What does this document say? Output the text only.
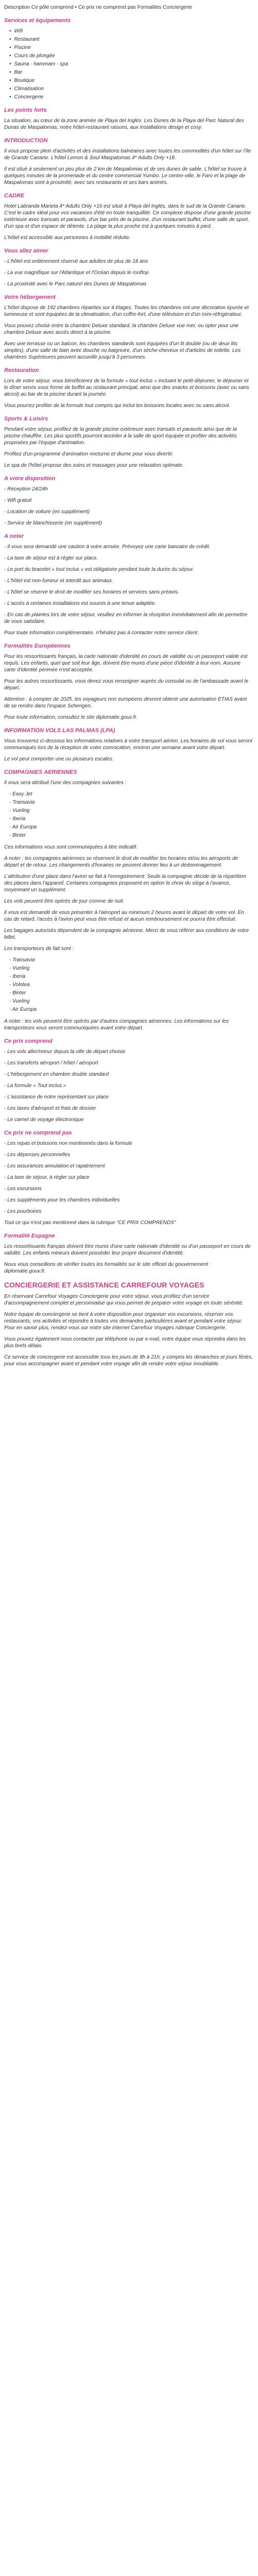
Description Ce pôle comprend • Ce prix ne comprend pas Formalités Conciergerie

Services et équipements
• Wifi
• Restaurant
• Piscine
• Cours de plongée
• Sauna - hammam - spa
• Bar
• Boutique
• Climatisation
• Conciergerie
Les points forts

La situation, au cœur de la zone animée de Playa del Inglés. Les Dunes de la Playa del Parc Natural des Dunas de Maspalomas, notre hôtel-restaurant raisons, aux installations design et cosy.

INTRODUCTION

Il vous propose plein d'activités et des installations balnéaires avec toutes les commodités d'un hôtel sur l'île de Grande Canarie. L'hôtel Lemon & Soul Maspalomas 4* Adults Only +18.

Il est situé à seulement un peu plus de 2 km de Maspalomas et de ses dunes de sable. L'hôtel se trouve à quelques minutes de la promenade et du centre commercial Yumbo. Le centre-ville, le Faro et la plage de Maspalomas sont à proximité, avec ses restaurants et ses bars animés.

CADRE

Hotel Labranda Marieta 4* Adults Only +16 est situé à Playa del Inglés, dans le sud de la Grande Canarie. C'est le cadre idéal pour vos vacances d'été en toute tranquillité. Ce complexe dispose d'une grande piscine extérieure avec transats et parasols, d'un bar près de la piscine, d'un restaurant buffet, d'une salle de sport, d'un spa et d'un espace de détente. La plage la plus proche est à quelques minutes à pied.

L'hôtel est accessible aux personnes à mobilité réduite.

Vous allez aimer

- L'hôtel est entièrement réservé aux adultes de plus de 18 ans

- La vue magnifique sur l'Atlantique et l'Océan depuis le rooftop

- La proximité avec le Parc naturel des Dunes de Maspalomas

Votre hébergement

L'hôtel dispose de 192 chambres réparties sur 4 étages. Toutes les chambres ont une décoration épurée et lumineuse et sont équipées de la climatisation, d'un coffre-fort, d'une télévision et d'un mini-réfrigérateur.

Vous pouvez choisir entre la chambre Deluxe standard, la chambre Deluxe vue mer, ou opter pour une chambre Deluxe avec accès direct à la piscine.

Avec une terrasse ou un balcon, les chambres standards sont équipées d'un lit double (ou de deux lits simples), d'une salle de bain avec douche ou baignoire, d'un sèche-cheveux et d'articles de toilette. Les chambres Supérieures peuvent accueillir jusqu'à 3 personnes.

Restauration

Lors de votre séjour, vous bénéficierez de la formule « tout inclus » incluant le petit-déjeuner, le déjeuner et le dîner servis sous forme de buffet au restaurant principal, ainsi que des snacks et boissons (avec ou sans alcool) au bar de la piscine durant la journée.

Vous pourrez profiter de la formule tout compris qui inclut les boissons locales avec ou sans alcool.

Sports & Loisirs

Pendant votre séjour, profitez de la grande piscine extérieure avec transats et parasols ainsi que de la piscine chauffée. Les plus sportifs pourront accéder à la salle de sport équipée et profiter des activités proposées par l'équipe d'animation.

Profitez d'un programme d'animation nocturne et diurne pour vous divertir.

Le spa de l'hôtel propose des soins et massages pour une relaxation optimale.

A votre disposition

- Réception 24/24h

- Wifi gratuit

- Location de voiture (en supplément)

- Service de blanchisserie (en supplément)

A noter

- Il vous sera demandé une caution à votre arrivée. Prévoyez une carte bancaire de crédit.

- La taxe de séjour est à régler sur place.

- Le port du bracelet « tout inclus » est obligatoire pendant toute la durée du séjour.

- L'hôtel est non-fumeur et interdit aux animaux.

- L'hôtel se réserve le droit de modifier ses horaires et services sans préavis.

- L'accès à certaines installations est soumis à une tenue adaptée.

- En cas de plaintes lors de votre séjour, veuillez en informer la réception immédiatement afin de permettre de vous satisfaire.

Pour toute information complémentaire, n'hésitez pas à contacter notre service client.

Formalités Européennes

Pour les ressortissants français, la carte nationale d'identité en cours de validité ou un passeport valide est requis. Les enfants, quel que soit leur âge, doivent être munis d'une pièce d'identité à leur nom. Aucune carte d'identité périmée n'est acceptée.

Pour les autres ressortissants, vous devez vous renseigner auprès du consulat ou de l'ambassade avant le départ.

Attention : à compter de 2025, les voyageurs non européens devront obtenir une autorisation ETIAS avant de se rendre dans l'espace Schengen.

Pour toute information, consultez le site diplomatie.gouv.fr.

INFORMATION VOLS LAS PALMAS (LPA)

Vous trouverez ci-dessous les informations relatives à votre transport aérien. Les horaires de vol vous seront communiqués lors de la réception de votre convocation, environ une semaine avant votre départ.

Le vol peut comporter une ou plusieurs escales.

COMPAGNIES AERIENNES

Il vous sera attribué l'une des compagnies suivantes :

- Easy Jet
- Transavia
- Vueling
- Iberia
- Air Europa
- Binter

Ces informations vous sont communiquées à titre indicatif.

A noter : les compagnies aériennes se réservent le droit de modifier les horaires et/ou les aéroports de départ et de retour. Les changements d'horaires ne peuvent donner lieu à un dédommagement.

L'attribution d'une place dans l'avion se fait à l'enregistrement. Seule la compagnie décide de la répartition des places dans l'appareil. Certaines compagnies proposent en option le choix du siège à l'avance, moyennant un supplément.

Les vols peuvent être opérés de jour comme de nuit.

Il vous est demandé de vous présenter à l'aéroport au minimum 2 heures avant le départ de votre vol. En cas de retard, l'accès à l'avion peut vous être refusé et aucun remboursement ne pourra être effectué.

Les bagages autorisés dépendent de la compagnie aérienne. Merci de vous référer aux conditions de votre billet.

Les transporteurs de fait sont :

- Transavia
- Vueling
- Iberia
- Volotea
- Binter
- Vueling
- Air Europa

A noter : les vols peuvent être opérés par d'autres compagnies aériennes. Les informations sur les transporteurs vous seront communiquées avant votre départ.

Ce prix comprend

- Les vols aller/retour depuis la ville de départ choisie

- Les transferts aéroport / hôtel / aéroport

- L'hébergement en chambre double standard

- La formule « Tout inclus »

- L'assistance de notre représentant sur place

- Les taxes d'aéroport et frais de dossier

- Le carnet de voyage électronique

Ce prix ne comprend pas

- Les repas et boissons non mentionnés dans la formule

- Les dépenses personnelles

- Les assurances annulation et rapatriement

- La taxe de séjour, à régler sur place

- Les excursions

- Les suppléments pour les chambres individuelles

- Les pourboires

Tout ce qui n'est pas mentionné dans la rubrique "CE PRIX COMPRENDS"

Formalité Espagne

Les ressortissants français doivent être munis d'une carte nationale d'identité ou d'un passeport en cours de validité. Les enfants mineurs doivent posséder leur propre document d'identité.

Nous vous conseillons de vérifier toutes les formalités sur le site officiel du gouvernement : diplomatie.gouv.fr.

CONCIERGERIE ET ASSISTANCE CARREFOUR VOYAGES

En réservant Carrefour Voyages Conciergerie pour votre séjour, vous profitez d'un service d'accompagnement complet et personnalisé qui vous permet de préparer votre voyage en toute sérénité.

Notre équipe de conciergerie se tient à votre disposition pour organiser vos excursions, réserver vos restaurants, vos activités et répondre à toutes vos demandes particulières avant et pendant votre séjour. Pour en savoir plus, rendez-vous sur notre site internet Carrefour Voyages rubrique Conciergerie.

Vous pouvez également nous contacter par téléphone ou par e-mail, notre équipe vous répondra dans les plus brefs délais.

Ce service de conciergerie est accessible tous les jours de 9h à 21h, y compris les dimanches et jours fériés, pour vous accompagner avant et pendant votre voyage afin de rendre votre séjour inoubliable.
